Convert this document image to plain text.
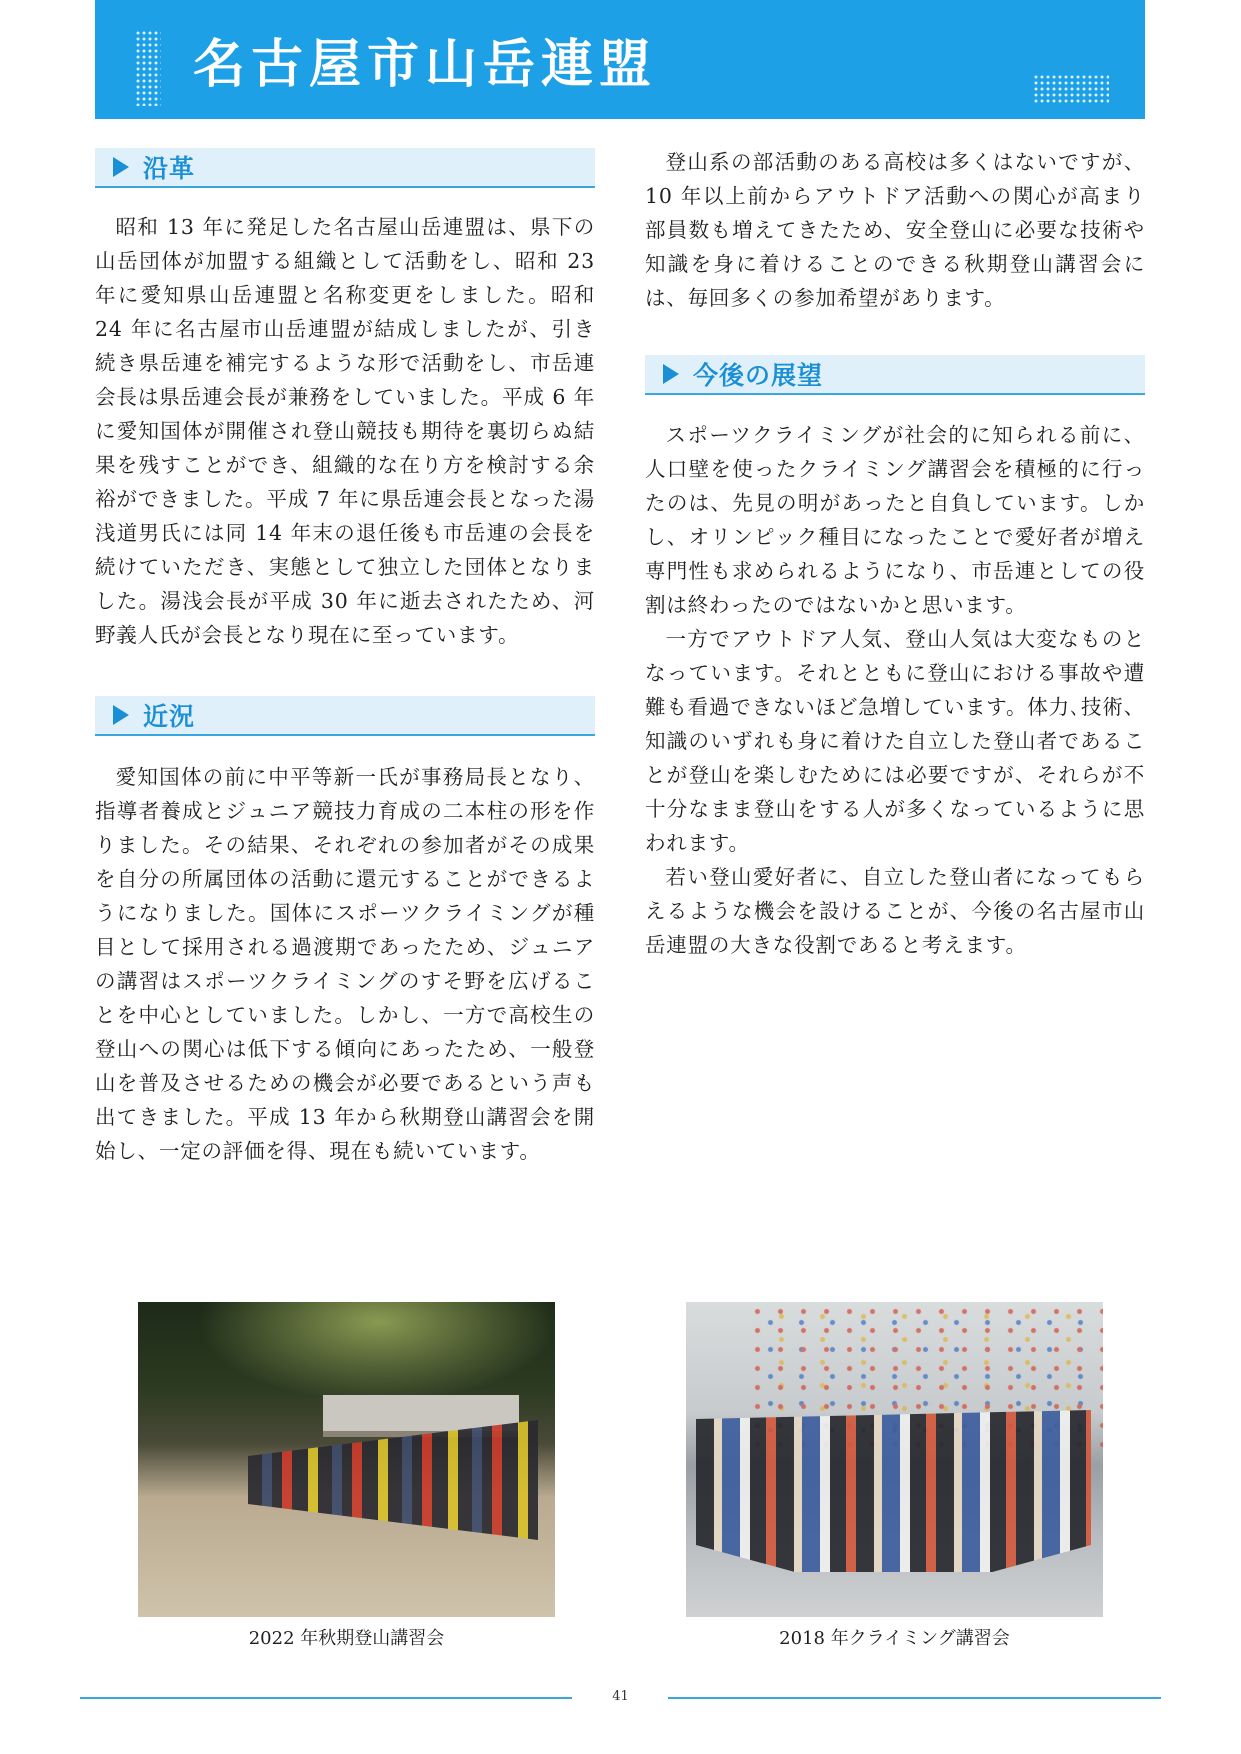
名古屋市山岳連盟
沿革

昭和 13 年に発足した名古屋山岳連盟は、県下の山岳団体が加盟する組織として活動をし、昭和 23 年に愛知県山岳連盟と名称変更をしました。昭和 24 年に名古屋市山岳連盟が結成しましたが、引き続き県岳連を補完するような形で活動をし、市岳連会長は県岳連会長が兼務をしていました。平成 6 年に愛知国体が開催され登山競技も期待を裏切らぬ結果を残すことができ、組織的な在り方を検討する余裕ができました。平成 7 年に県岳連会長となった湯浅道男氏には同 14 年末の退任後も市岳連の会長を続けていただき、実態として独立した団体となりました。湯浅会長が平成 30 年に逝去されたため、河野義人氏が会長となり現在に至っています。

近況

愛知国体の前に中平等新一氏が事務局長となり、指導者養成とジュニア競技力育成の二本柱の形を作りました。その結果、それぞれの参加者がその成果を自分の所属団体の活動に還元することができるようになりました。国体にスポーツクライミングが種目として採用される過渡期であったため、ジュニアの講習はスポーツクライミングのすそ野を広げることを中心としていました。しかし、一方で高校生の登山への関心は低下する傾向にあったため、一般登山を普及させるための機会が必要であるという声も出てきました。平成 13 年から秋期登山講習会を開始し、一定の評価を得、現在も続いています。

登山系の部活動のある高校は多くはないですが、10 年以上前からアウトドア活動への関心が高まり部員数も増えてきたため、安全登山に必要な技術や知識を身に着けることのできる秋期登山講習会には、毎回多くの参加希望があります。

今後の展望

スポーツクライミングが社会的に知られる前に、人口壁を使ったクライミング講習会を積極的に行ったのは、先見の明があったと自負しています。しかし、オリンピック種目になったことで愛好者が増え専門性も求められるようになり、市岳連としての役割は終わったのではないかと思います。

一方でアウトドア人気、登山人気は大変なものとなっています。それとともに登山における事故や遭難も看過できないほど急増しています。体力､技術、知識のいずれも身に着けた自立した登山者であることが登山を楽しむためには必要ですが、それらが不十分なまま登山をする人が多くなっているように思われます。

若い登山愛好者に、自立した登山者になってもらえるような機会を設けることが、今後の名古屋市山岳連盟の大きな役割であると考えます。

2022 年秋期登山講習会	2018 年クライミング講習会

41
